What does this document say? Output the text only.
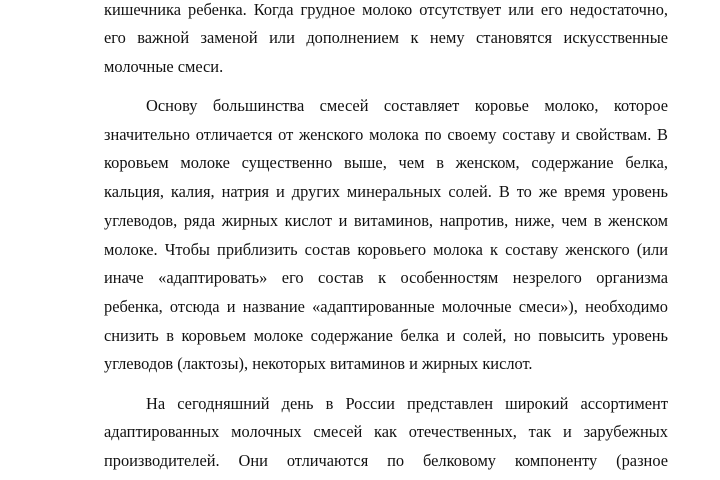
кишечника ребенка. Когда грудное молоко отсутствует или его недостаточно,
его важной заменой или дополнением к нему становятся искусственные
молочные смеси.
Основу большинства смесей составляет коровье молоко, которое
значительно отличается от женского молока по своему составу и свойствам. В
коровьем молоке существенно выше, чем в женском, содержание белка,
кальция, калия, натрия и других минеральных солей. В то же время уровень
углеводов, ряда жирных кислот и витаминов, напротив, ниже, чем в женском
молоке. Чтобы приблизить состав коровьего молока к составу женского (или
иначе «адаптировать» его состав к особенностям незрелого организма
ребенка, отсюда и название «адаптированные молочные смеси»), необходимо
снизить в коровьем молоке содержание белка и солей, но повысить уровень
углеводов (лактозы), некоторых витаминов и жирных кислот.
На сегодняшний день в России представлен широкий ассортимент
адаптированных молочных смесей как отечественных, так и зарубежных
производителей. Они отличаются по белковому компоненту (разное
